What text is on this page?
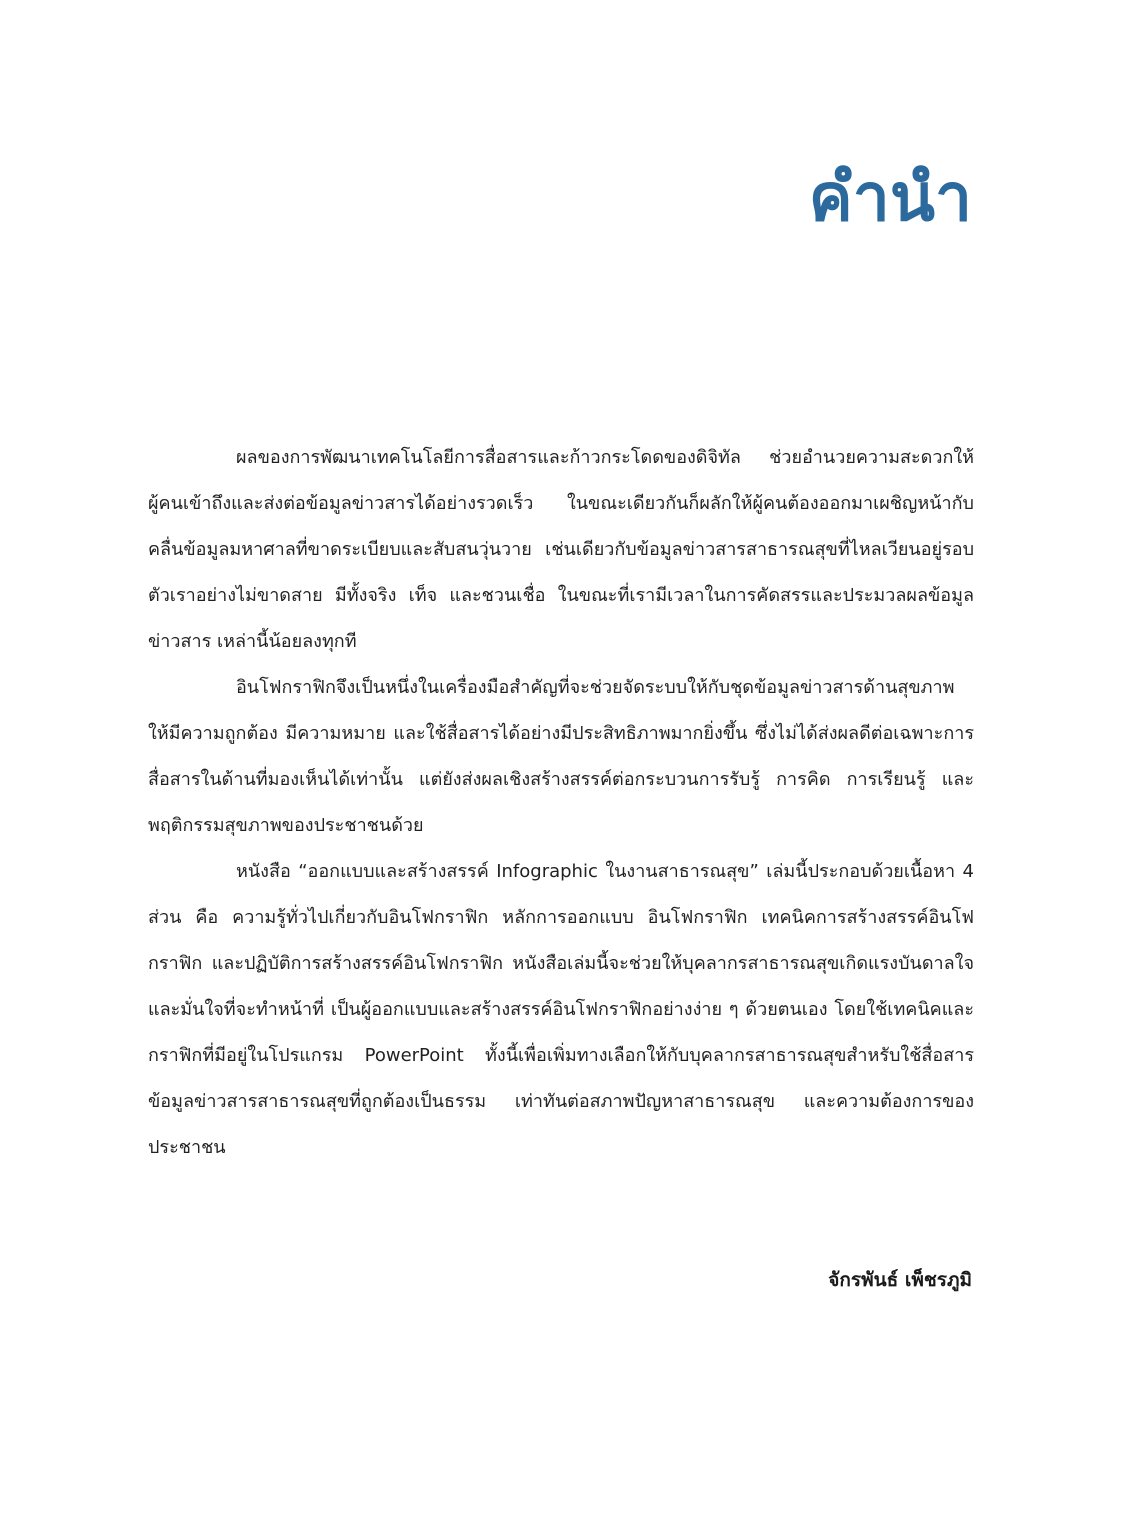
คำนำ

ผลของการพัฒนาเทคโนโลยีการสื่อสารและก้าวกระโดดของดิจิทัล ช่วยอำนวยความสะดวกให้ผู้คนเข้าถึงและส่งต่อข้อมูลข่าวสารได้อย่างรวดเร็ว ในขณะเดียวกันก็ผลักให้ผู้คนต้องออกมาเผชิญหน้ากับคลื่นข้อมูลมหาศาลที่ขาดระเบียบและสับสนวุ่นวาย เช่นเดียวกับข้อมูลข่าวสารสาธารณสุขที่ไหลเวียนอยู่รอบตัวเราอย่างไม่ขาดสาย มีทั้งจริง เท็จ และชวนเชื่อ ในขณะที่เรามีเวลาในการคัดสรรและประมวลผลข้อมูลข่าวสาร เหล่านี้น้อยลงทุกที

อินโฟกราฟิกจึงเป็นหนึ่งในเครื่องมือสำคัญที่จะช่วยจัดระบบให้กับชุดข้อมูลข่าวสารด้านสุขภาพให้มีความถูกต้อง มีความหมาย และใช้สื่อสารได้อย่างมีประสิทธิภาพมากยิ่งขึ้น ซึ่งไม่ได้ส่งผลดีต่อเฉพาะการสื่อสารในด้านที่มองเห็นได้เท่านั้น แต่ยังส่งผลเชิงสร้างสรรค์ต่อกระบวนการรับรู้ การคิด การเรียนรู้ และพฤติกรรมสุขภาพของประชาชนด้วย

หนังสือ “ออกแบบและสร้างสรรค์ Infographic ในงานสาธารณสุข” เล่มนี้ประกอบด้วยเนื้อหา 4 ส่วน คือ ความรู้ทั่วไปเกี่ยวกับอินโฟกราฟิก หลักการออกแบบ อินโฟกราฟิก เทคนิคการสร้างสรรค์อินโฟกราฟิก และปฏิบัติการสร้างสรรค์อินโฟกราฟิก หนังสือเล่มนี้จะช่วยให้บุคลากรสาธารณสุขเกิดแรงบันดาลใจ และมั่นใจที่จะทำหน้าที่ เป็นผู้ออกแบบและสร้างสรรค์อินโฟกราฟิกอย่างง่าย ๆ ด้วยตนเอง โดยใช้เทคนิคและกราฟิกที่มีอยู่ในโปรแกรม PowerPoint ทั้งนี้เพื่อเพิ่มทางเลือกให้กับบุคลากรสาธารณสุขสำหรับใช้สื่อสารข้อมูลข่าวสารสาธารณสุขที่ถูกต้องเป็นธรรม เท่าทันต่อสภาพปัญหาสาธารณสุข และความต้องการของประชาชน

จักรพันธ์ เพ็ชรภูมิ
